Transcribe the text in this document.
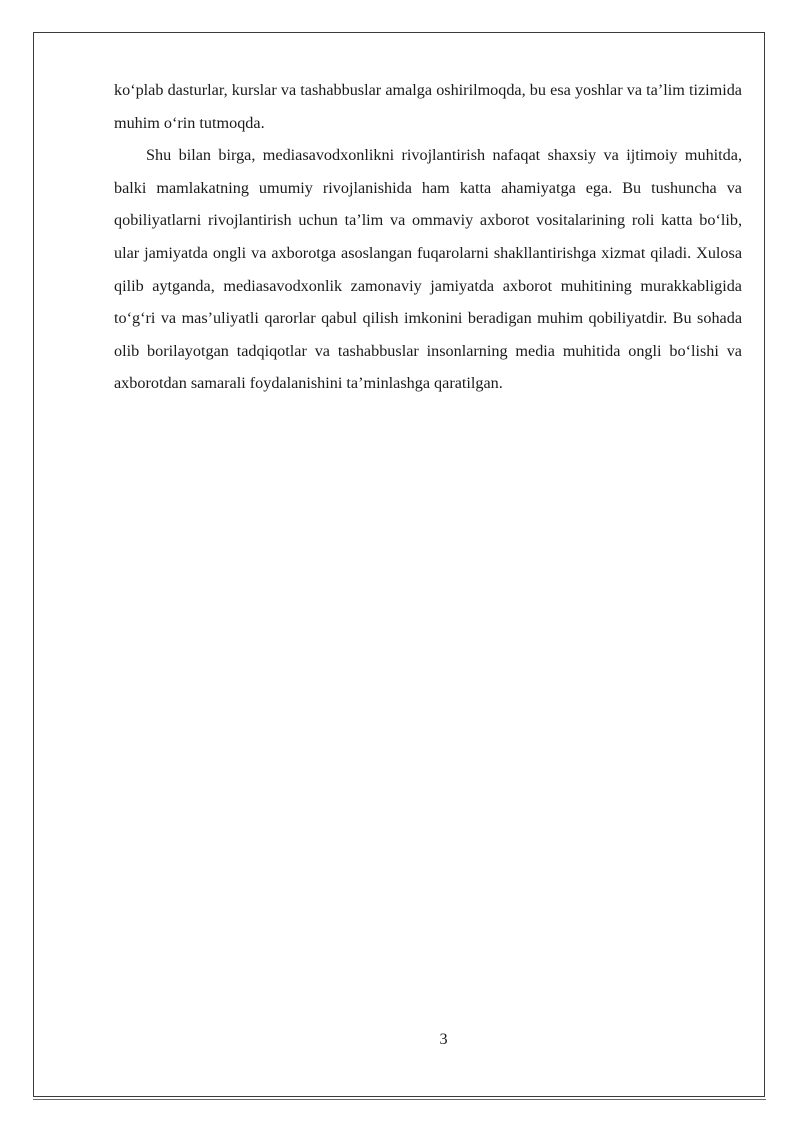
ko‘plab dasturlar, kurslar va tashabbuslar amalga oshirilmoqda, bu esa yoshlar va ta’lim tizimida muhim o‘rin tutmoqda.

Shu bilan birga, mediasavodxonlikni rivojlantirish nafaqat shaxsiy va ijtimoiy muhitda, balki mamlakatning umumiy rivojlanishida ham katta ahamiyatga ega. Bu tushuncha va qobiliyatlarni rivojlantirish uchun ta’lim va ommaviy axborot vositalarining roli katta bo‘lib, ular jamiyatda ongli va axborotga asoslangan fuqarolarni shakllantirishga xizmat qiladi. Xulosa qilib aytganda, mediasavodxonlik zamonaviy jamiyatda axborot muhitining murakkabligida to‘g‘ri va mas’uliyatli qarorlar qabul qilish imkonini beradigan muhim qobiliyatdir. Bu sohada olib borilayotgan tadqiqotlar va tashabbuslar insonlarning media muhitida ongli bo‘lishi va axborotdan samarali foydalanishini ta’minlashga qaratilgan.

3
